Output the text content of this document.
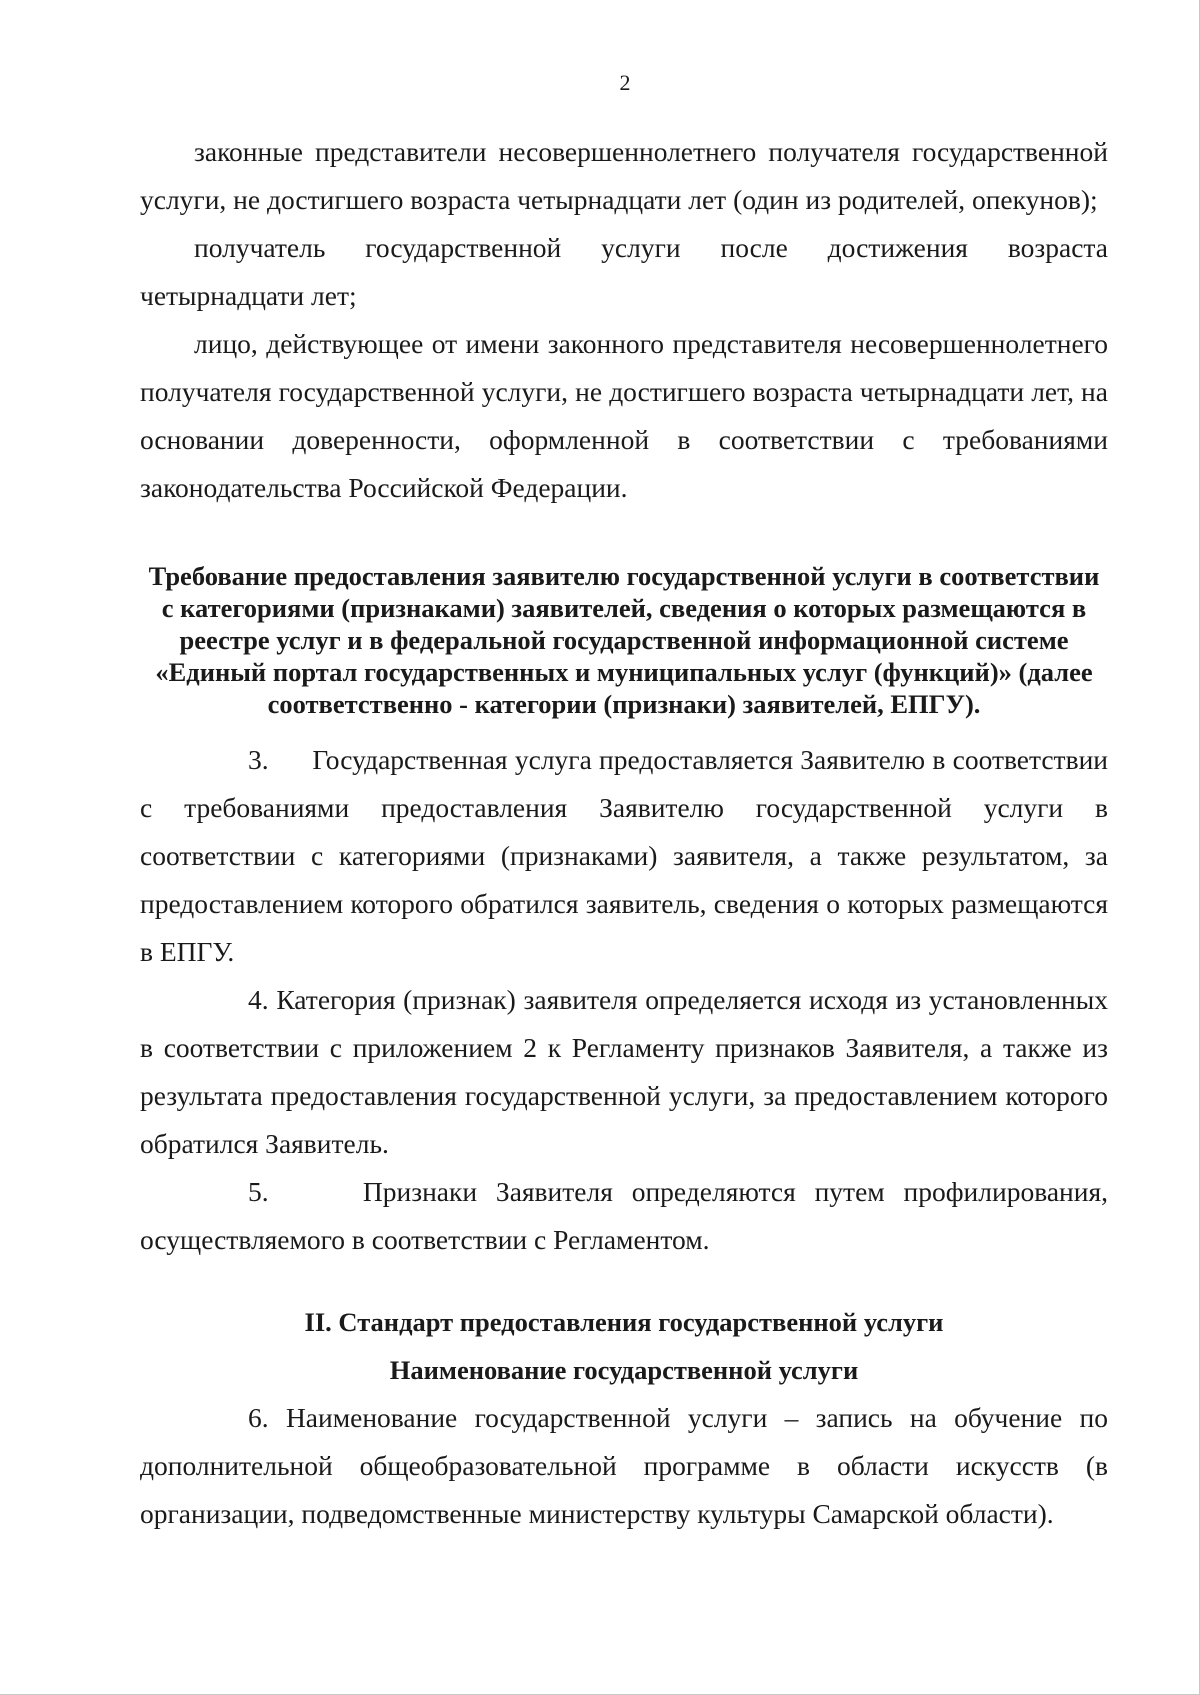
2

законные представители несовершеннолетнего получателя государственной услуги, не достигшего возраста четырнадцати лет (один из родителей, опекунов);

получатель государственной услуги после достижения возраста четырнадцати лет;

лицо, действующее от имени законного представителя несовершеннолетнего получателя государственной услуги, не достигшего возраста четырнадцати лет, на основании доверенности, оформленной в соответствии с требованиями законодательства Российской Федерации.

Требование предоставления заявителю государственной услуги в соответствии с категориями (признаками) заявителей, сведения о которых размещаются в реестре услуг и в федеральной государственной информационной системе «Единый портал государственных и муниципальных услуг (функций)» (далее соответственно - категории (признаки) заявителей, ЕПГУ).

3. Государственная услуга предоставляется Заявителю в соответствии с требованиями предоставления Заявителю государственной услуги в соответствии с категориями (признаками) заявителя, а также результатом, за предоставлением которого обратился заявитель, сведения о которых размещаются в ЕПГУ.

4. Категория (признак) заявителя определяется исходя из установленных в соответствии с приложением 2 к Регламенту признаков Заявителя, а также из результата предоставления государственной услуги, за предоставлением которого обратился Заявитель.

5.	Признаки Заявителя определяются путем профилирования, осуществляемого в соответствии с Регламентом.

II. Стандарт предоставления государственной услуги

Наименование государственной услуги

6. Наименование государственной услуги – запись на обучение по дополнительной общеобразовательной программе в области искусств (в организации, подведомственные министерству культуры Самарской области).
